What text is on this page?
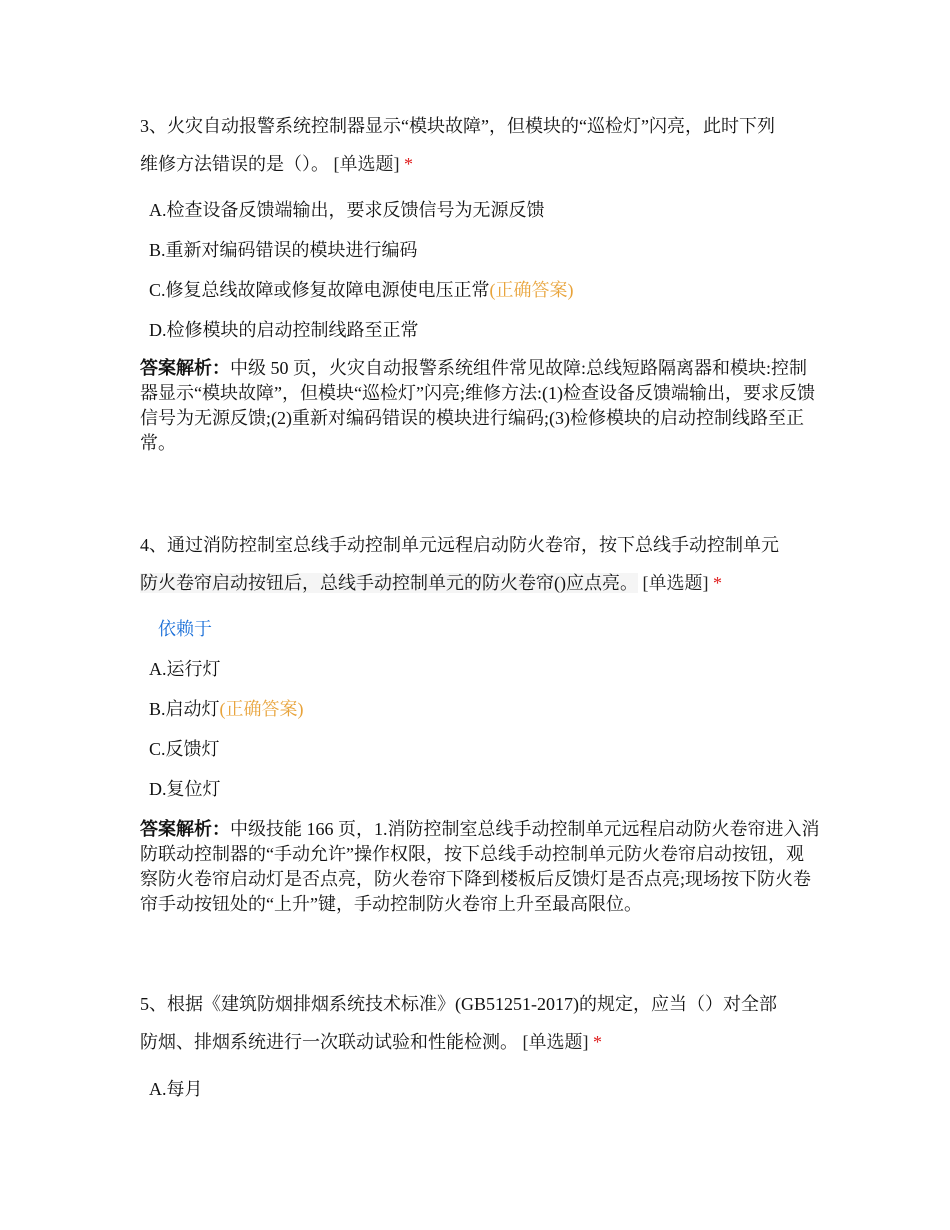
3、火灾自动报警系统控制器显示“模块故障”，但模块的“巡检灯”闪亮，此时下列
维修方法错误的是（）。 [单选题] *

A.检查设备反馈端输出，要求反馈信号为无源反馈

B.重新对编码错误的模块进行编码

C.修复总线故障或修复故障电源使电压正常(正确答案)

D.检修模块的启动控制线路至正常

答案解析：中级 50 页，火灾自动报警系统组件常见故障:总线短路隔离器和模块:控制器显示“模块故障”，但模块“巡检灯”闪亮;维修方法:(1)检查设备反馈端输出，要求反馈信号为无源反馈;(2)重新对编码错误的模块进行编码;(3)检修模块的启动控制线路至正常。

4、通过消防控制室总线手动控制单元远程启动防火卷帘，按下总线手动控制单元
防火卷帘启动按钮后，总线手动控制单元的防火卷帘()应点亮。 [单选题] *

依赖于

A.运行灯

B.启动灯(正确答案)

C.反馈灯

D.复位灯

答案解析：中级技能 166 页，1.消防控制室总线手动控制单元远程启动防火卷帘进入消防联动控制器的“手动允许”操作权限，按下总线手动控制单元防火卷帘启动按钮，观察防火卷帘启动灯是否点亮，防火卷帘下降到楼板后反馈灯是否点亮;现场按下防火卷帘手动按钮处的“上升”键，手动控制防火卷帘上升至最高限位。

5、根据《建筑防烟排烟系统技术标准》(GB51251-2017)的规定，应当（）对全部
防烟、排烟系统进行一次联动试验和性能检测。 [单选题] *

A.每月
